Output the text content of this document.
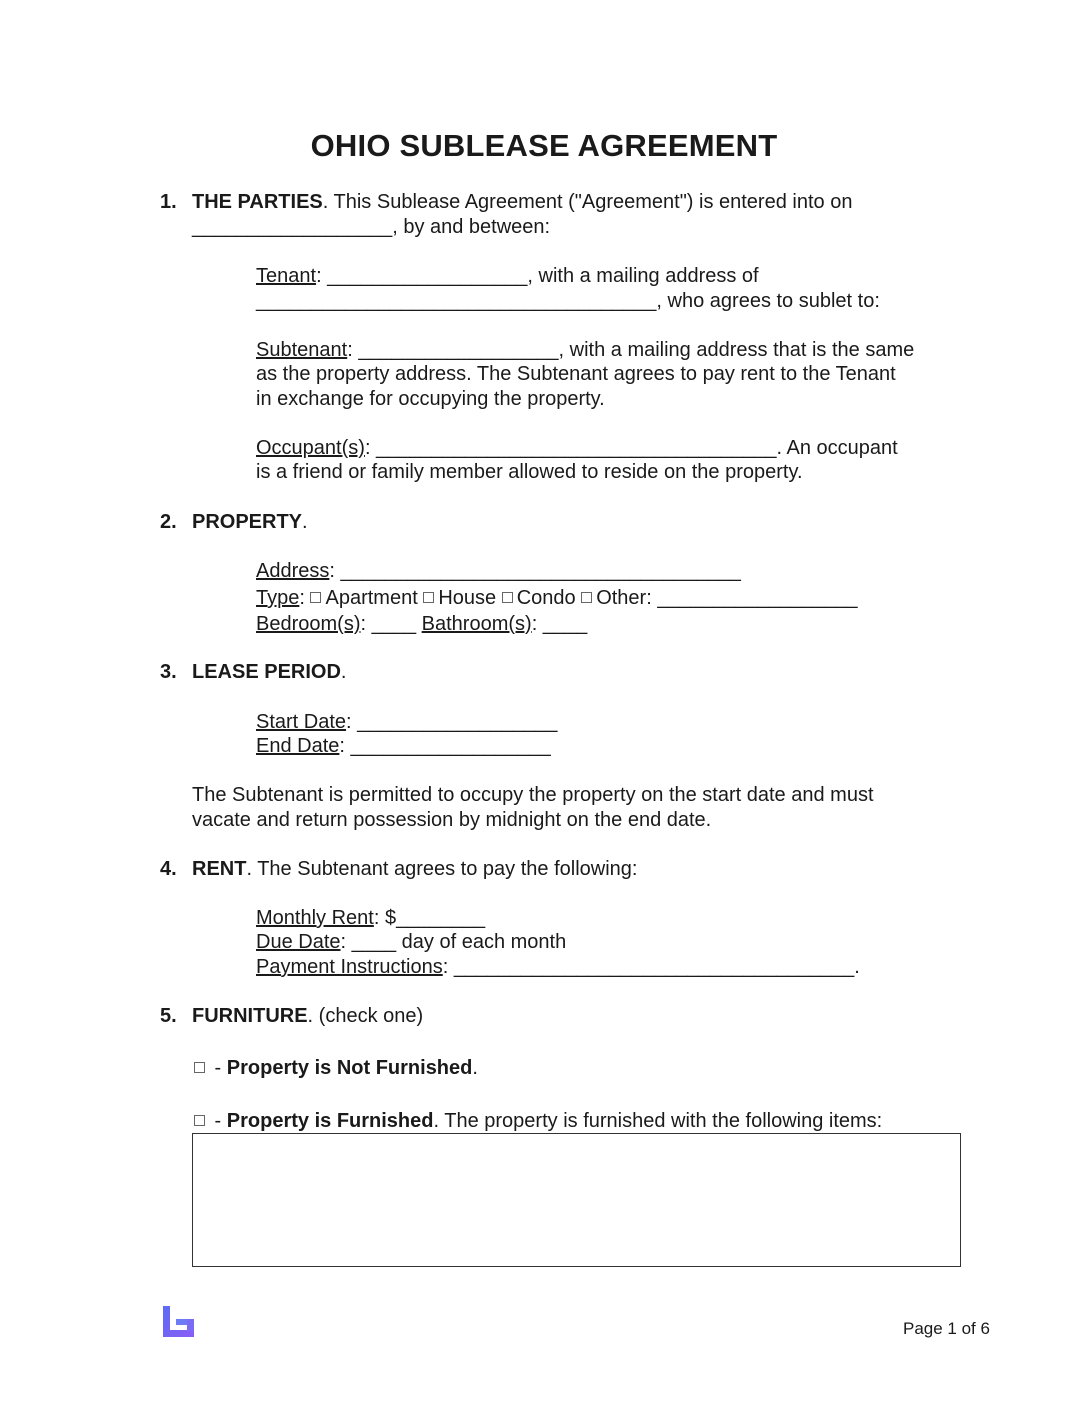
OHIO SUBLEASE AGREEMENT
1. THE PARTIES. This Sublease Agreement ("Agreement") is entered into on
__________________, by and between:
Tenant: __________________, with a mailing address of
____________________________________, who agrees to sublet to:
Subtenant: __________________, with a mailing address that is the same
as the property address. The Subtenant agrees to pay rent to the Tenant
in exchange for occupying the property.
Occupant(s): ____________________________________. An occupant
is a friend or family member allowed to reside on the property.
2. PROPERTY.
Address: ____________________________________
Type: Apartment House Condo Other: __________________
Bedroom(s): ____ Bathroom(s): ____
3. LEASE PERIOD.
Start Date: __________________
End Date: __________________
The Subtenant is permitted to occupy the property on the start date and must
vacate and return possession by midnight on the end date.
4. RENT. The Subtenant agrees to pay the following:
Monthly Rent: $________
Due Date: ____ day of each month
Payment Instructions: ____________________________________.
5. FURNITURE. (check one)
- Property is Not Furnished.
- Property is Furnished. The property is furnished with the following items:
Page 1 of 6
